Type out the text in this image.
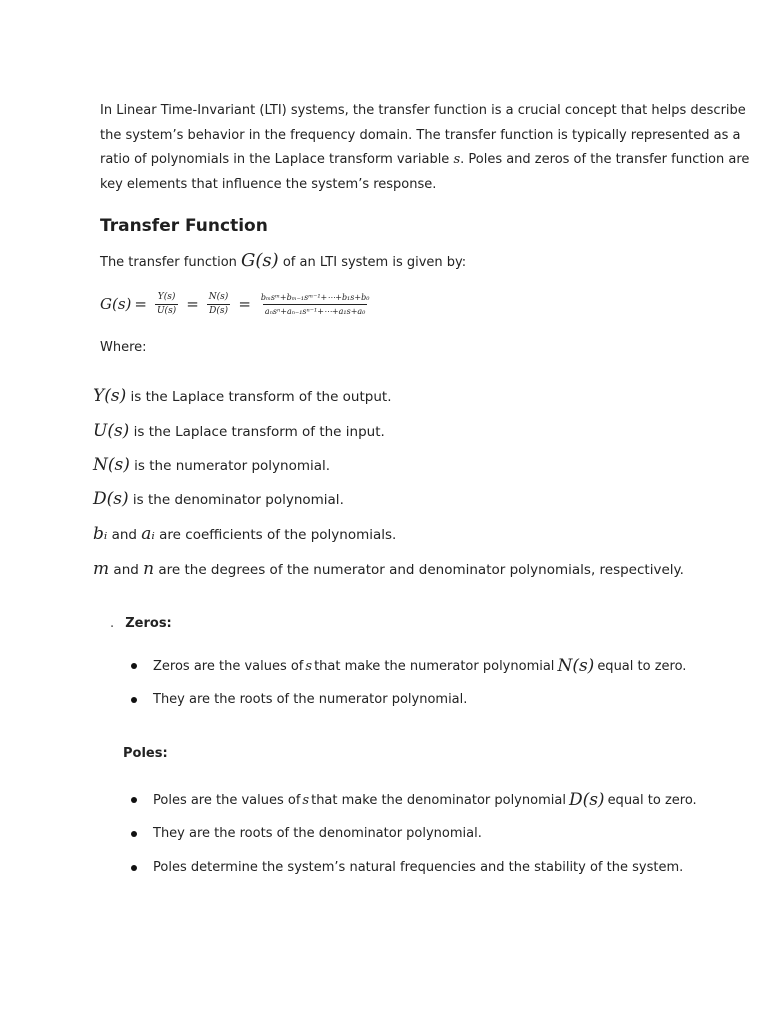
In Linear Time-Invariant (LTI) systems, the transfer function is a crucial concept that helps describe
the system’s behavior in the frequency domain. The transfer function is typically represented as a
ratio of polynomials in the Laplace transform variable s. Poles and zeros of the transfer function are
key elements that influence the system’s response.
Transfer Function
The transfer function G(s) of an LTI system is given by:
$G(s) = \frac{Y(s)}{U(s)} = \frac{N(s)}{D(s)} = \frac{\text{bₘsᵐ+bₘ₋₁sᵐ⁻¹+⋯+b₁s+b₀}}{\text{aₙsⁿ+aₙ₋₁sⁿ⁻¹+⋯+a₁s+a₀}}$
Where:
Y(s) is the Laplace transform of the output.
U(s) is the Laplace transform of the input.
N(s) is the numerator polynomial.
D(s) is the denominator polynomial.
bᵢ and aᵢ are coefficients of the polynomials.
m and n are the degrees of the numerator and denominator polynomials, respectively.
. Zeros:
Zeros are the values of s that make the numerator polynomial N(s) equal to zero.
They are the roots of the numerator polynomial.
Poles:
Poles are the values of s that make the denominator polynomial D(s) equal to zero.
They are the roots of the denominator polynomial.
Poles determine the system’s natural frequencies and the stability of the system.
